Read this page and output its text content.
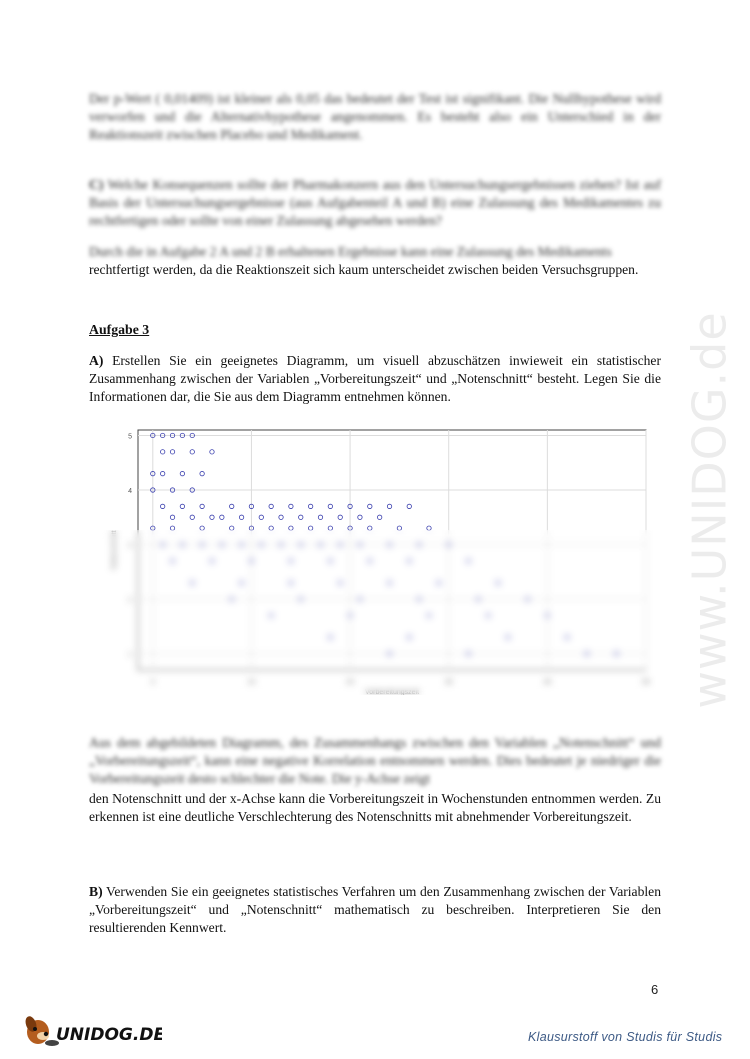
www.UNIDOG.de
Der p-Wert ( 0,01409) ist kleiner als 0,05 das bedeutet der Test ist signifikant. Die Nullhypothese wird verworfen und die Alternativhypothese angenommen. Es besteht also ein Unterschied in der Reaktionszeit zwischen Placebo und Medikament.
C) Welche Konsequenzen sollte der Pharmakonzern aus den Untersuchungsergebnissen ziehen? Ist auf Basis der Untersuchungsergebnisse (aus Aufgabenteil A und B) eine Zulassung des Medikamentes zu rechtfertigen oder sollte von einer Zulassung abgesehen werden?
Durch die in Aufgabe 2 A und 2 B erhaltenen Ergebnisse kann eine Zulassung des Medikaments
rechtfertigt werden, da die Reaktionszeit sich kaum unterscheidet zwischen beiden Versuchsgruppen.
Aufgabe 3
A) Erstellen Sie ein geeignetes Diagramm, um visuell abzuschätzen inwieweit ein statistischer Zusammenhang zwischen der Variablen „Vorbereitungszeit“ und „Notenschnitt“ besteht. Legen Sie die Informationen dar, die Sie aus dem Diagramm entnehmen können.
0	10	20	30	40	50
1
2
3
4
5
Vorbereitungszeit
Notenschnitt
Aus dem abgebildeten Diagramm, des Zusammenhangs zwischen den Variablen „Notenschnitt“ und „Vorbereitungszeit“, kann eine negative Korrelation entnommen werden. Dies bedeutet je niedriger die Vorbereitungszeit desto schlechter die Note. Die y-Achse zeigt
den Notenschnitt und der x-Achse kann die Vorbereitungszeit in Wochenstunden entnommen werden. Zu erkennen ist eine deutliche Verschlechterung des Notenschnitts mit abnehmender Vorbereitungszeit.
B) Verwenden Sie ein geeignetes statistisches Verfahren um den Zusammenhang zwischen der Variablen „Vorbereitungszeit“ und „Notenschnitt“ mathematisch zu beschreiben. Interpretieren Sie den resultierenden Kennwert.
6
UNIDOG.DE	Klausurstoff von Studis für Studis
